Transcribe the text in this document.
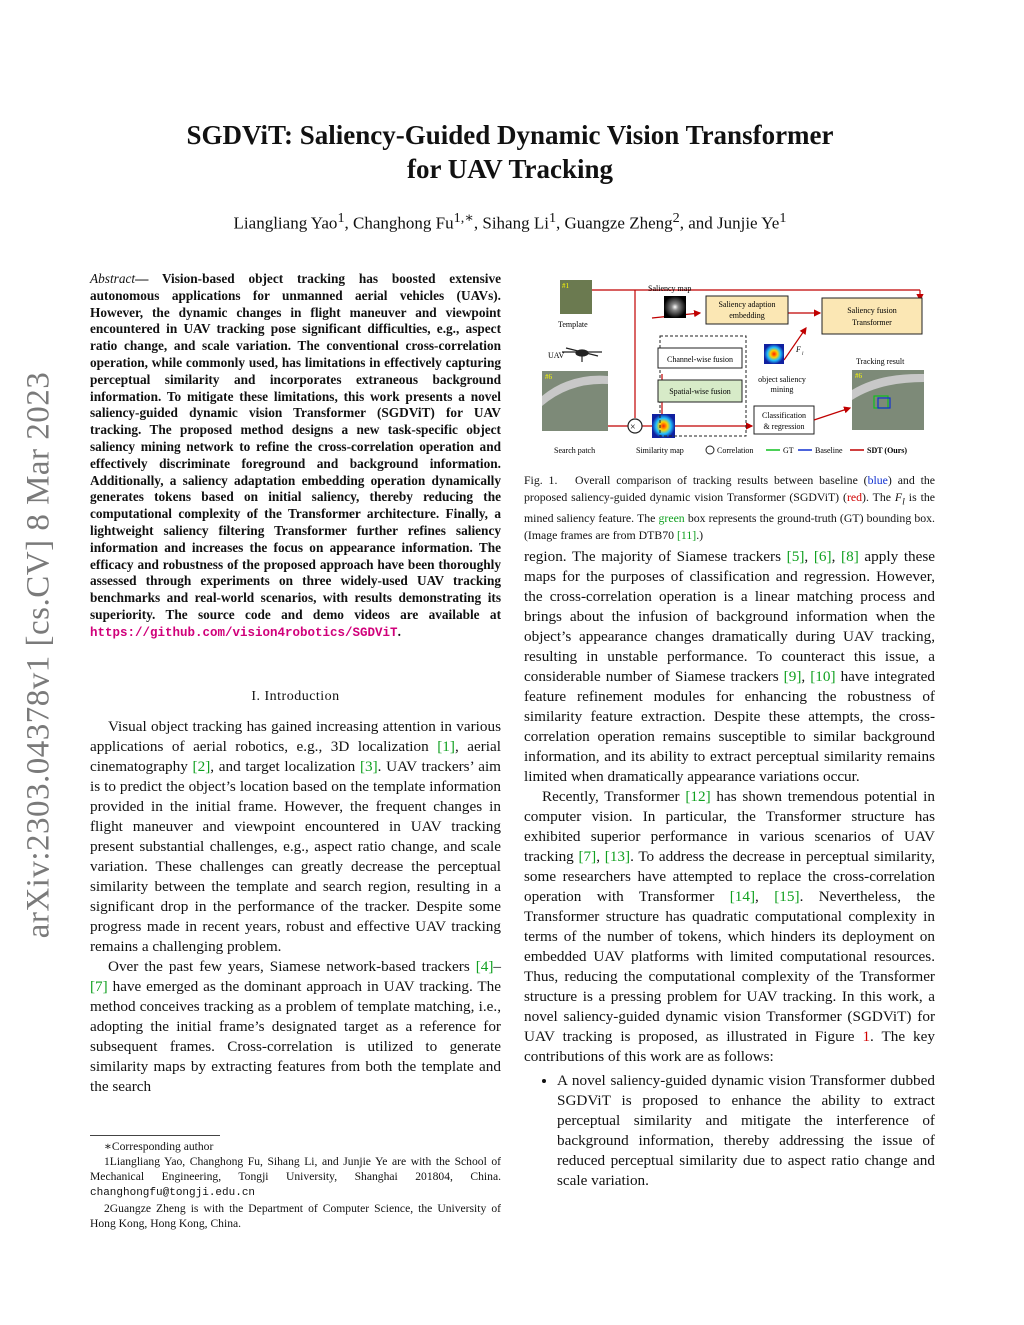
arXiv:2303.04378v1 [cs.CV] 8 Mar 2023
SGDViT: Saliency-Guided Dynamic Vision Transformer
for UAV Tracking
Liangliang Yao$^1$, Changhong $Fu^{1,∗}$, Sihang Li$^1$, Guangze Zheng$^2$, and Junjie Ye$^1$
Abstract— Vision-based object tracking has boosted extensive autonomous applications for unmanned aerial vehicles (UAVs). However, the dynamic changes in flight maneuver and viewpoint encountered in UAV tracking pose significant difficulties, e.g., aspect ratio change, and scale variation. The conventional cross-correlation operation, while commonly used, has limitations in effectively capturing perceptual similarity and incorporates extraneous background information. To mitigate these limitations, this work presents a novel saliency-guided dynamic vision Transformer (SGDViT) for UAV tracking. The proposed method designs a new task-specific object saliency mining network to refine the cross-correlation operation and effectively discriminate foreground and background information. Additionally, a saliency adaptation embedding operation dynamically generates tokens based on initial saliency, thereby reducing the computational complexity of the Transformer architecture. Finally, a lightweight saliency filtering Transformer further refines saliency information and increases the focus on appearance information. The efficacy and robustness of the proposed approach have been thoroughly assessed through experiments on three widely-used UAV tracking benchmarks and real-world scenarios, with results demonstrating its superiority. The source code and demo videos are available at https://github.com/vision4robotics/SGDViT.
I. Introduction

Visual object tracking has gained increasing attention in various applications of aerial robotics, e.g., 3D localization [1], aerial cinematography [2], and target localization [3]. UAV trackers’ aim is to predict the object’s location based on the template information provided in the initial frame. However, the frequent changes in flight maneuver and viewpoint encountered in UAV tracking present substantial challenges, e.g., aspect ratio change, and scale variation. These challenges can greatly decrease the perceptual similarity between the template and search region, resulting in a significant drop in the performance of the tracker. Despite some progress made in recent years, robust and effective UAV tracking remains a challenging problem.

Over the past few years, Siamese network-based trackers [4]–[7] have emerged as the dominant approach in UAV tracking. The method conceives tracking as a problem of template matching, i.e., adopting the initial frame’s designated target as a reference for subsequent frames. Cross-correlation is utilized to generate similarity maps by extracting features from both the template and the search

∗Corresponding author
1Liangliang Yao, Changhong Fu, Sihang Li, and Junjie Ye are with the School of Mechanical Engineering, Tongji University, Shanghai 201804, China. changhongfu@tongji.edu.cn
2Guangze Zheng is with the Department of Computer Science, the University of Hong Kong, Hong Kong, China.
#1
Template
UAV
#6
Search patch
×
Similarity map
Saliency map
Saliency adaption
embedding
Channel-wise fusion
Spatial-wise fusion
F
l
object saliency
mining
Classification
& regression
Saliency fusion
Transformer
Tracking result
#6
Correlation	GT	Baseline	SDT (Ours)
Fig. 1. Overall comparison of tracking results between baseline (blue) and the proposed saliency-guided dynamic vision Transformer (SGDViT) (red). The $F_l$ is the mined saliency feature. The green box represents the ground-truth (GT) bounding box. (Image frames are from DTB70 [11].)

region. The majority of Siamese trackers [5], [6], [8] apply these maps for the purposes of classification and regression. However, the cross-correlation operation is a linear matching process and brings about the infusion of background information when the object’s appearance changes dramatically during UAV tracking, resulting in unstable performance. To counteract this issue, a considerable number of Siamese trackers [9], [10] have integrated feature refinement modules for enhancing the robustness of similarity feature extraction. Despite these attempts, the cross-correlation operation remains susceptible to similar background information, and its ability to extract perceptual similarity remains limited when dramatically appearance variations occur.

Recently, Transformer [12] has shown tremendous potential in computer vision. In particular, the Transformer structure has exhibited superior performance in various scenarios of UAV tracking [7], [13]. To address the decrease in perceptual similarity, some researchers have attempted to replace the cross-correlation operation with Transformer [14], [15]. Nevertheless, the Transformer structure has quadratic computational complexity in terms of the number of tokens, which hinders its deployment on embedded UAV platforms with limited computational resources. Thus, reducing the computational complexity of the Transformer structure is a pressing problem for UAV tracking. In this work, a novel saliency-guided dynamic vision Transformer (SGDViT) for UAV tracking is proposed, as illustrated in Figure 1. The key contributions of this work are as follows:

• A novel saliency-guided dynamic vision Transformer dubbed SGDViT is proposed to enhance the ability to extract perceptual similarity and mitigate the interference of background information, thereby addressing the issue of reduced perceptual similarity due to aspect ratio change and scale variation.
